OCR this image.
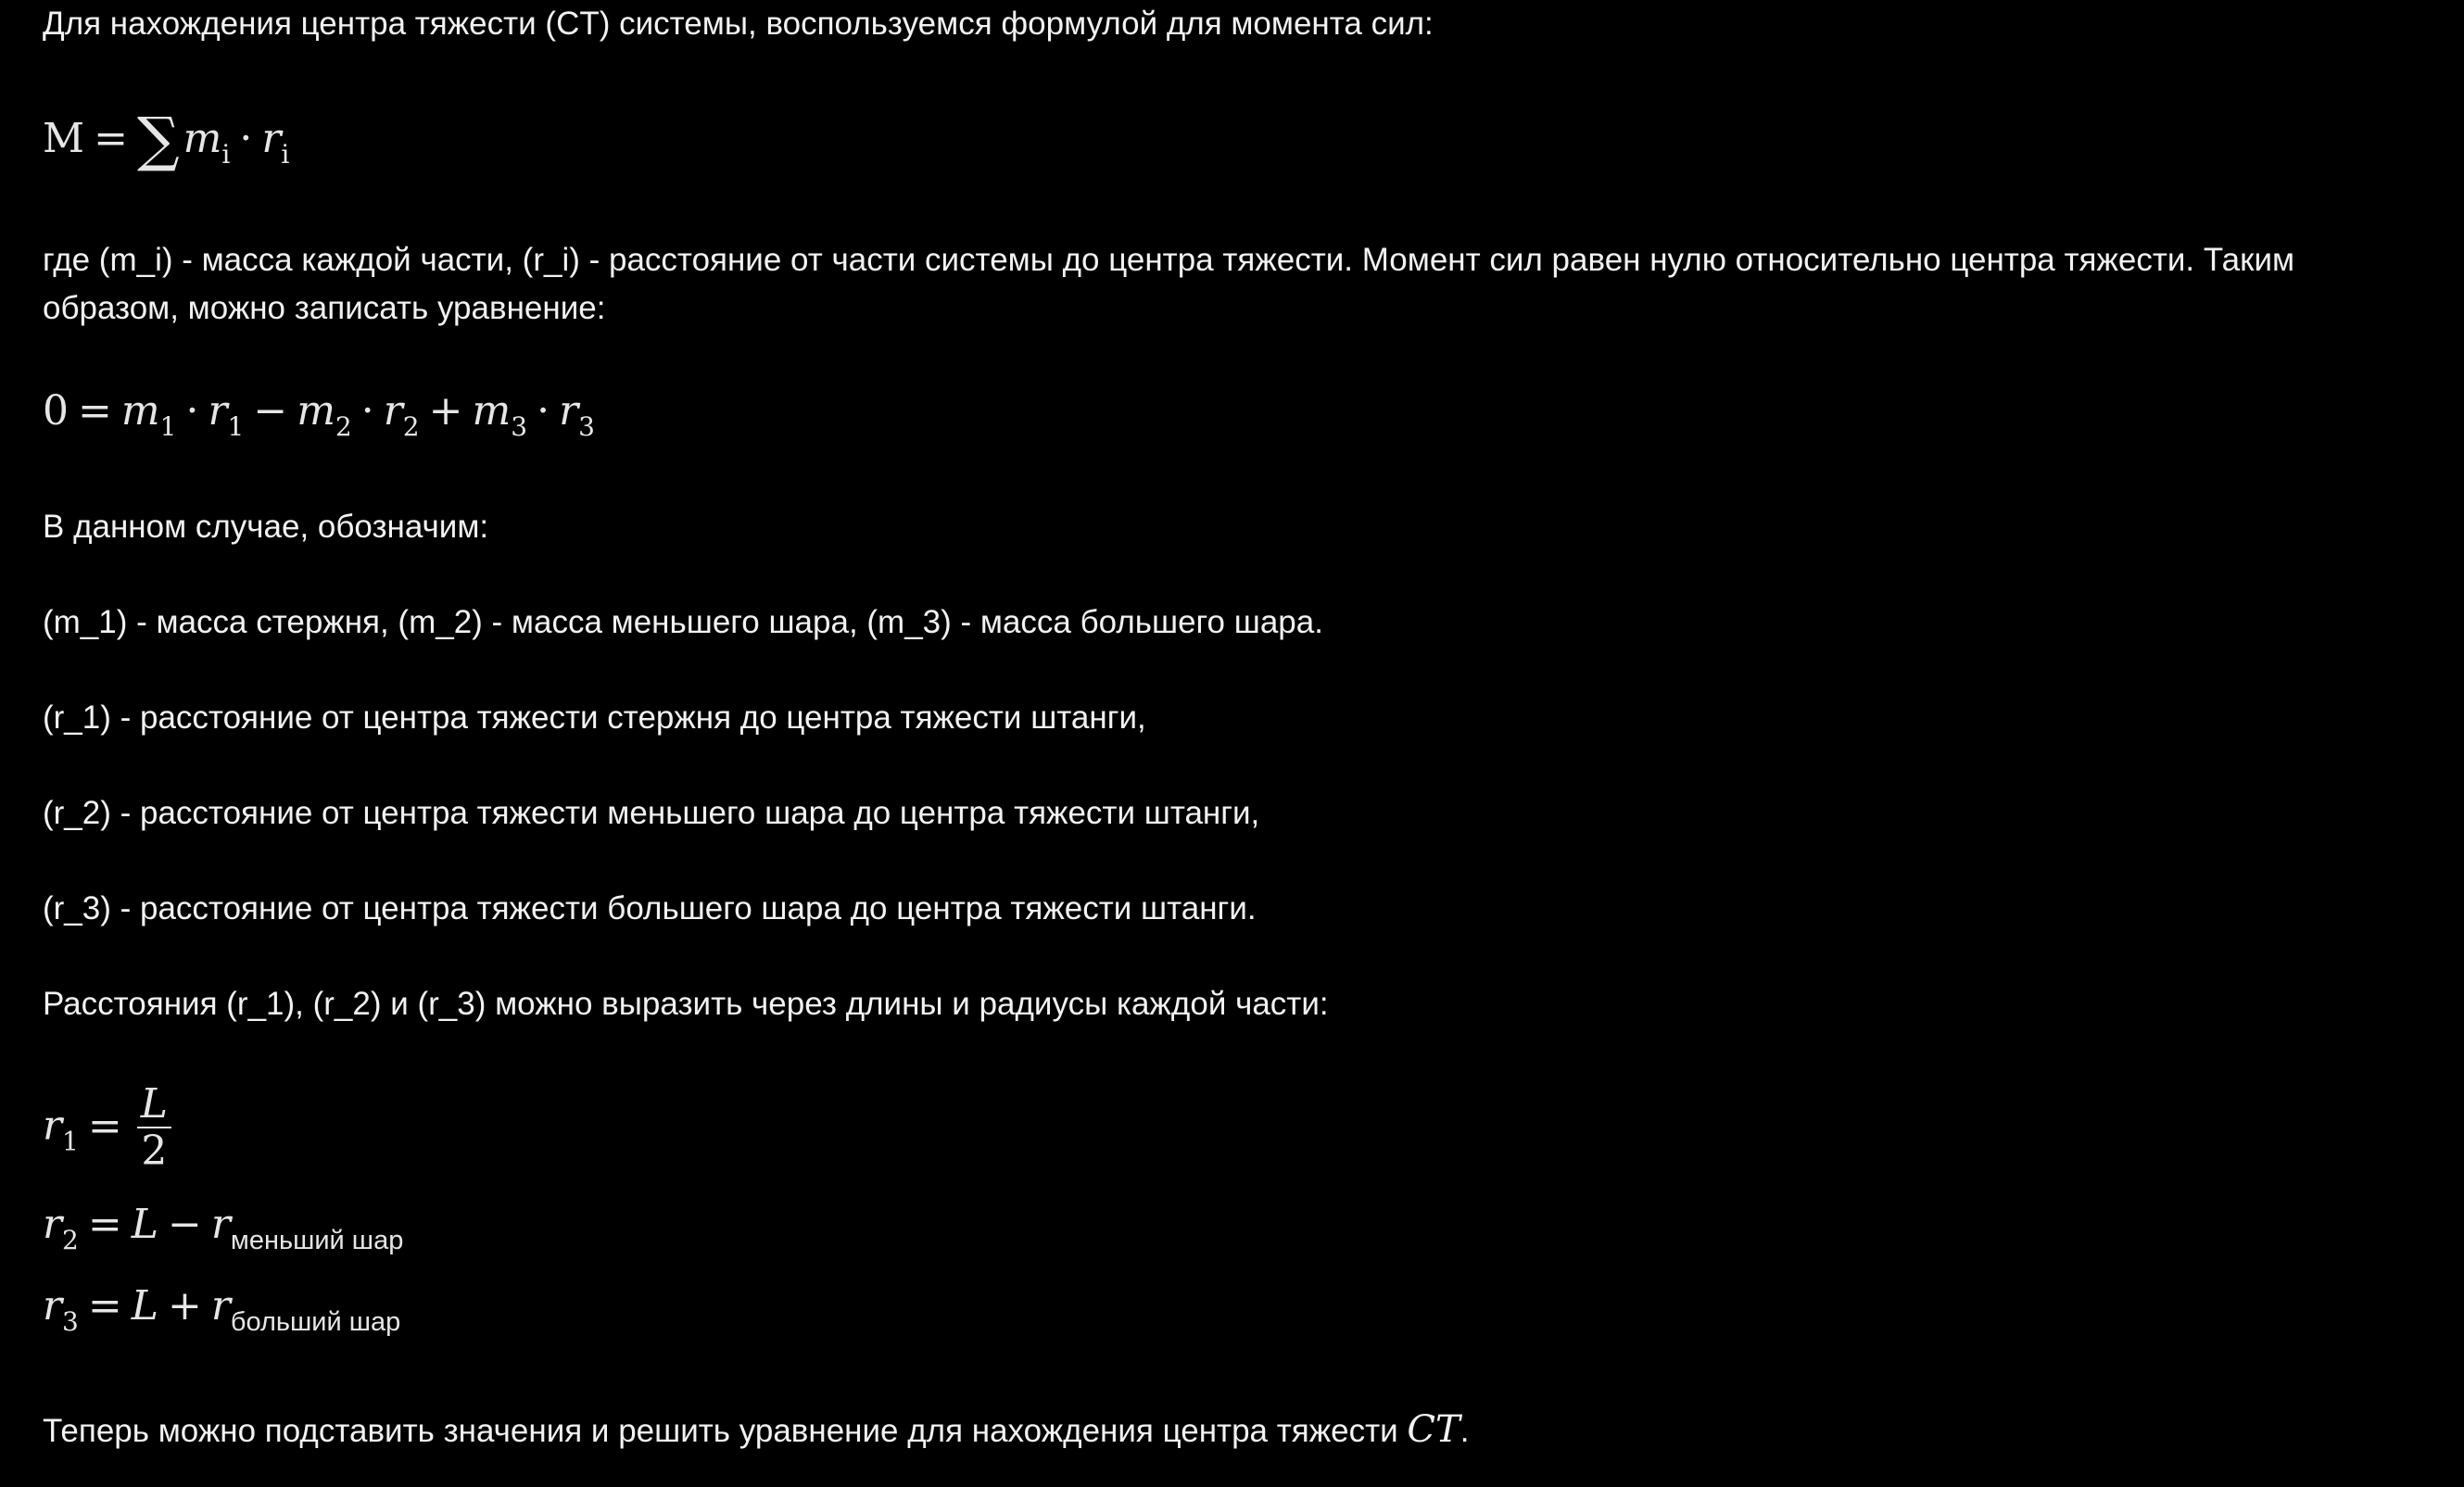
Для нахождения центра тяжести (CT) системы, воспользуемся формулой для момента сил:
$M = \sum m_i \cdot r_i$
где (m_i) - масса каждой части, (r_i) - расстояние от части системы до центра тяжести. Момент сил равен нулю относительно центра тяжести. Таким образом, можно записать уравнение:
$0 = m_1 \cdot r_1 - m_2 \cdot r_2 + m_3 \cdot r_3$
В данном случае, обозначим:
(m_1) - масса стержня, (m_2) - масса меньшего шара, (m_3) - масса большего шара.
(r_1) - расстояние от центра тяжести стержня до центра тяжести штанги,
(r_2) - расстояние от центра тяжести меньшего шара до центра тяжести штанги,
(r_3) - расстояние от центра тяжести большего шара до центра тяжести штанги.
Расстояния (r_1), (r_2) и (r_3) можно выразить через длины и радиусы каждой части:
$r_1 = \frac{L}{2}$
$r_2 = L - r_{меньший шар}$
$r_3 = L + r_{больший шар}$
Теперь можно подставить значения и решить уравнение для нахождения центра тяжести CT.
